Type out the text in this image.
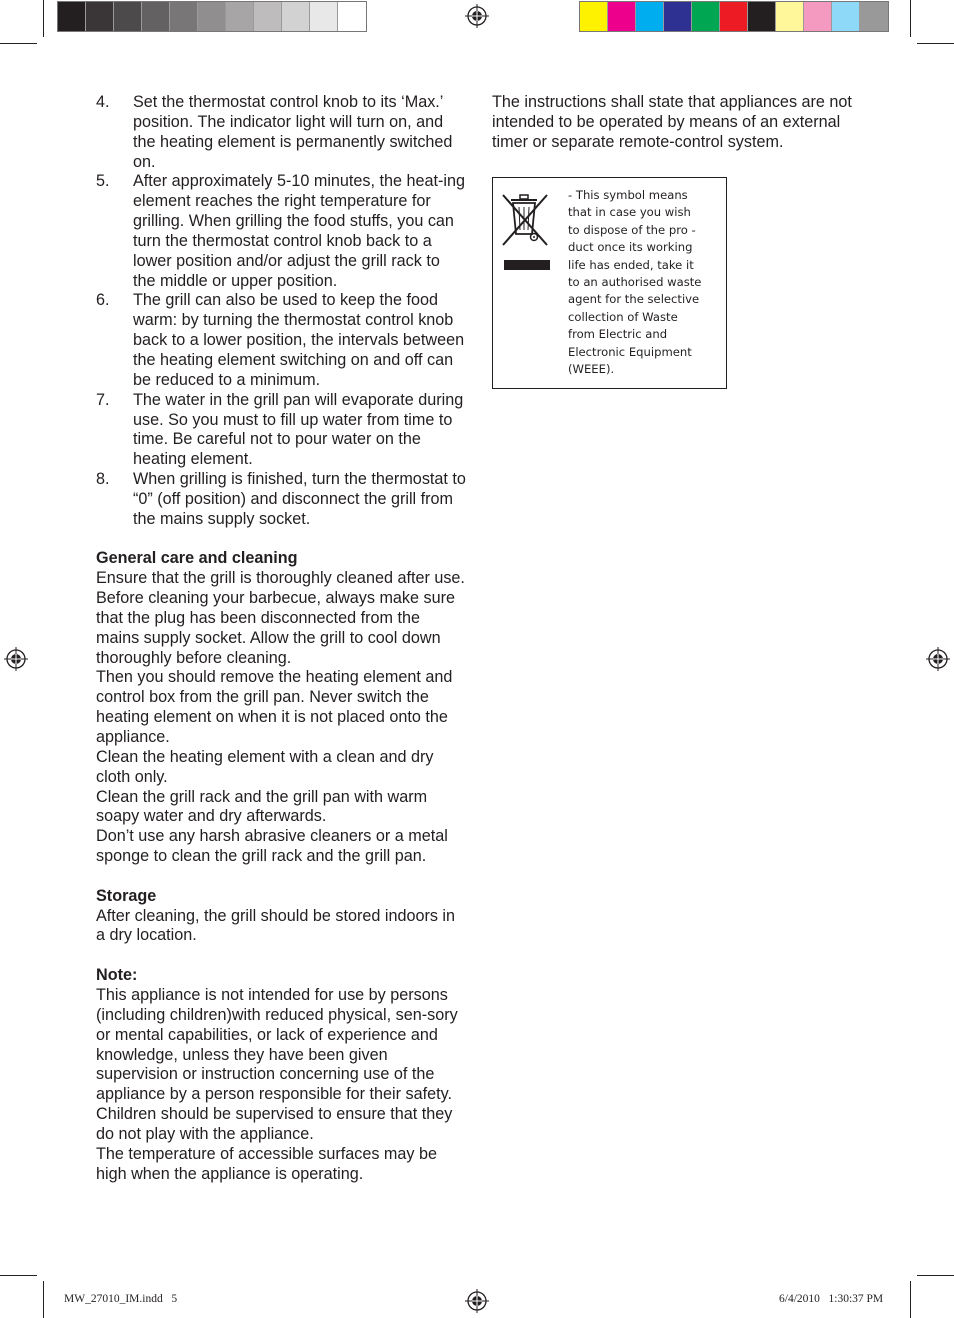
4. Set the thermostat control knob to its ‘Max.’ position. The indicator light will turn on, and the heating element is permanently switched on.
5. After approximately 5-10 minutes, the heat-ing element reaches the right temperature for grilling. When grilling the food stuffs, you can turn the thermostat control knob back to a lower position and/or adjust the grill rack to the middle or upper position.
6. The grill can also be used to keep the food warm: by turning the thermostat control knob back to a lower position, the intervals between the heating element switching on and off can be reduced to a minimum.
7. The water in the grill pan will evaporate during use. So you must to fill up water from time to time. Be careful not to pour water on the heating element.
8. When grilling is finished, turn the thermostat to “0” (off position) and disconnect the grill from the mains supply socket.

General care and cleaning

Ensure that the grill is thoroughly cleaned after use.

Before cleaning your barbecue, always make sure that the plug has been disconnected from the mains supply socket. Allow the grill to cool down thoroughly before cleaning.

Then you should remove the heating element and control box from the grill pan. Never switch the heating element on when it is not placed onto the appliance.

Clean the heating element with a clean and dry cloth only.

Clean the grill rack and the grill pan with warm soapy water and dry afterwards.

Don’t use any harsh abrasive cleaners or a metal sponge to clean the grill rack and the grill pan.

Storage

After cleaning, the grill should be stored indoors in a dry location.

Note:

This appliance is not intended for use by persons (including children)with reduced physical, sen-sory or mental capabilities, or lack of experience and knowledge, unless they have been given supervision or instruction concerning use of the appliance by a person responsible for their safety.

Children should be supervised to ensure that they do not play with the appliance.

The temperature of accessible surfaces may be high when the appliance is operating.

The instructions shall state that appliances are not intended to be operated by means of an external timer or separate remote-control system.

- This symbol means
that in case you wish
to dispose of the pro -
duct once its working
life has ended, take it
to an authorised waste
agent for the selective
collection of Waste
from Electric and
Electronic Equipment
(WEEE).
MW_27010_IM.indd   5	6/4/2010   1:30:37 PM
